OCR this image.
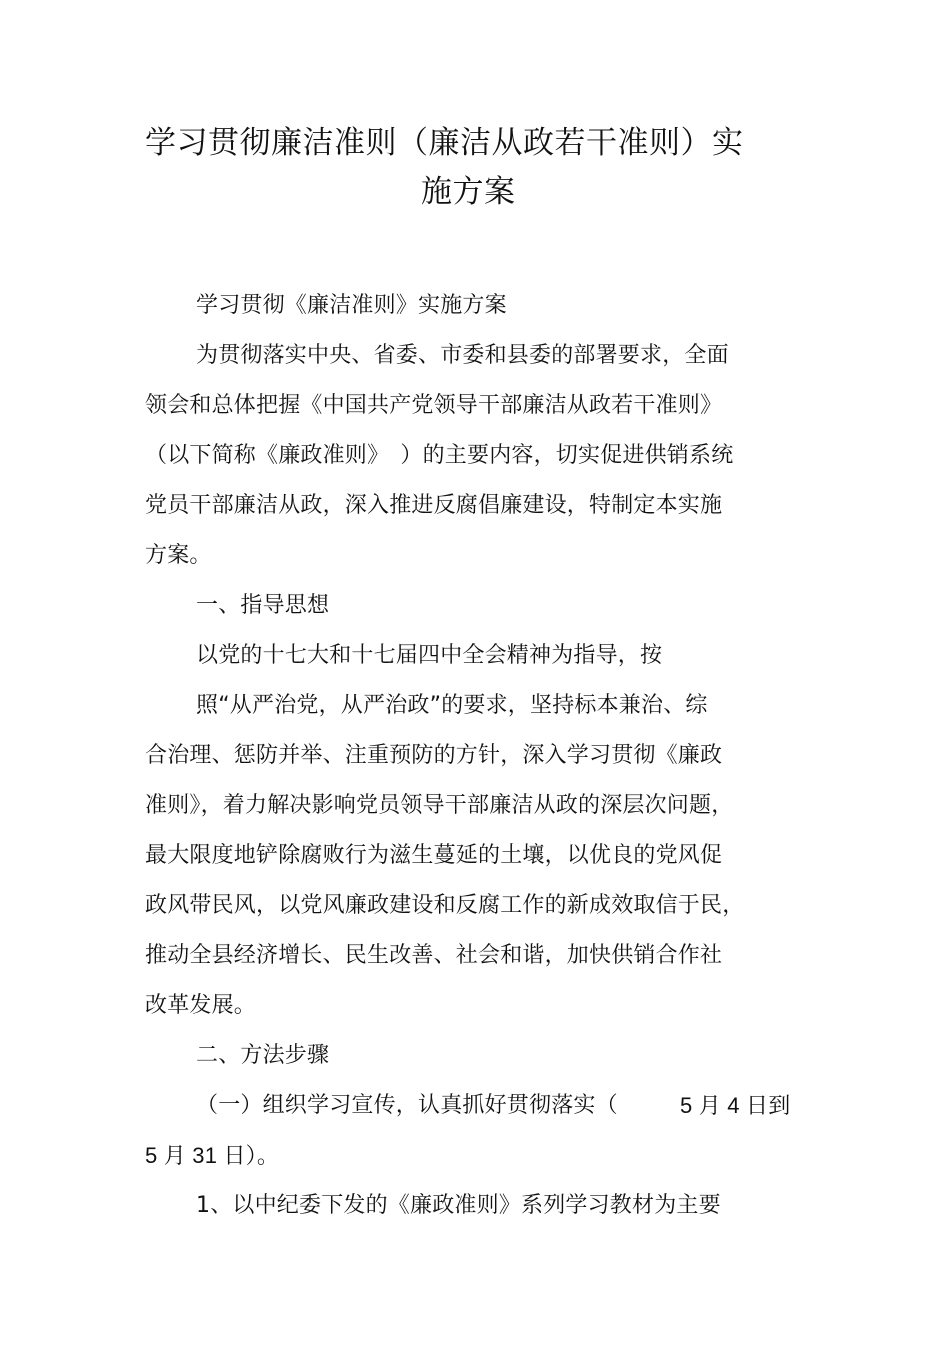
学习贯彻廉洁准则（廉洁从政若干准则）实
施方案
学习贯彻《廉洁准则》实施方案
为贯彻落实中央、省委、市委和县委的部署要求，全面
领会和总体把握《中国共产党领导干部廉洁从政若干准则》
（以下简称《廉政准则》　）的主要内容，切实促进供销系统
党员干部廉洁从政，深入推进反腐倡廉建设，特制定本实施
方案。
一、指导思想
以党的十七大和十七届四中全会精神为指导，按
照“从严治党，从严治政”的要求，坚持标本兼治、综
合治理、惩防并举、注重预防的方针，深入学习贯彻《廉政
准则》，着力解决影响党员领导干部廉洁从政的深层次问题，
最大限度地铲除腐败行为滋生蔓延的土壤，以优良的党风促
政风带民风，以党风廉政建设和反腐工作的新成效取信于民，
推动全县经济增长、民生改善、社会和谐，加快供销合作社
改革发展。
二、方法步骤
（一）组织学习宣传，认真抓好贯彻落实（	5 月 4 日到
5 月 31 日）。
1、以中纪委下发的《廉政准则》系列学习教材为主要
